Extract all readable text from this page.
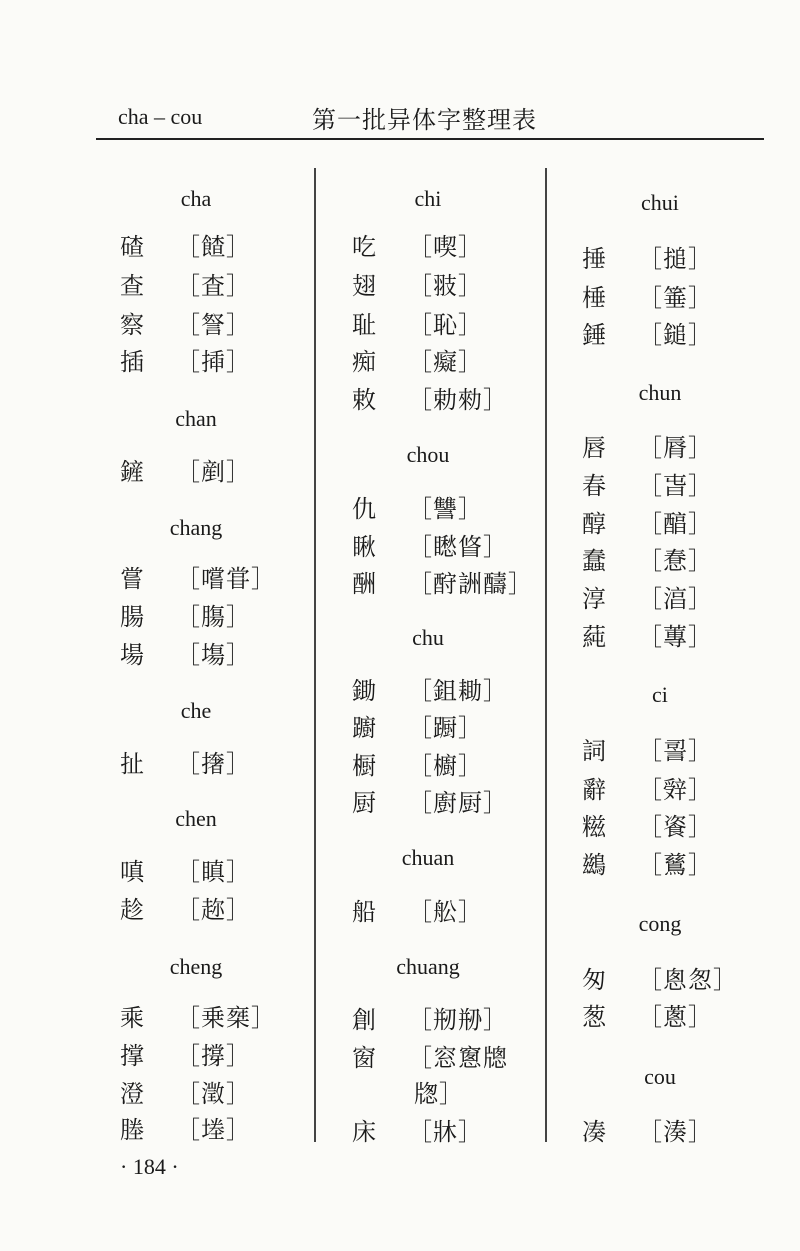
cha – cou	第一批异体字整理表
· 184 ·
cha
碴 ［餷］
查 ［査］
察 ［詧］
插 ［揷］
chan
鏟 ［剷］
chang
嘗 ［嚐甞］
腸 ［膓］
場 ［塲］
che
扯 ［撦］
chen
嗔 ［瞋］
趁 ［趂］
cheng
乘 ［乗椉］
撑 ［撐］
澄 ［澂］
塍 ［堘］
chi
吃 ［喫］
翅 ［翄］
耻 ［恥］
痴 ［癡］
敕 ［勅勑］
chou
仇 ［讐］
瞅 ［矁䀺］
酬 ［酧詶醻］
chu
鋤 ［鉏耡］
躕 ［蹰］
橱 ［櫥］
厨 ［廚厨］
chuan
船 ［舩］
chuang
創 ［剏剙］
窗 ［窓窻牕
牎］
床 ［牀］
chui
捶 ［搥］
棰 ［箠］
錘 ［鎚］
chun
唇 ［脣］
春 ［旾］
醇 ［醕］
蠢 ［惷］
淳 ［湻］
蒓 ［蓴］
ci
詞 ［䛐］
辭 ［辤］
糍 ［餈］
鷀 ［鶿］
cong
匆 ［悤怱］
葱 ［蔥］
cou
凑 ［湊］
